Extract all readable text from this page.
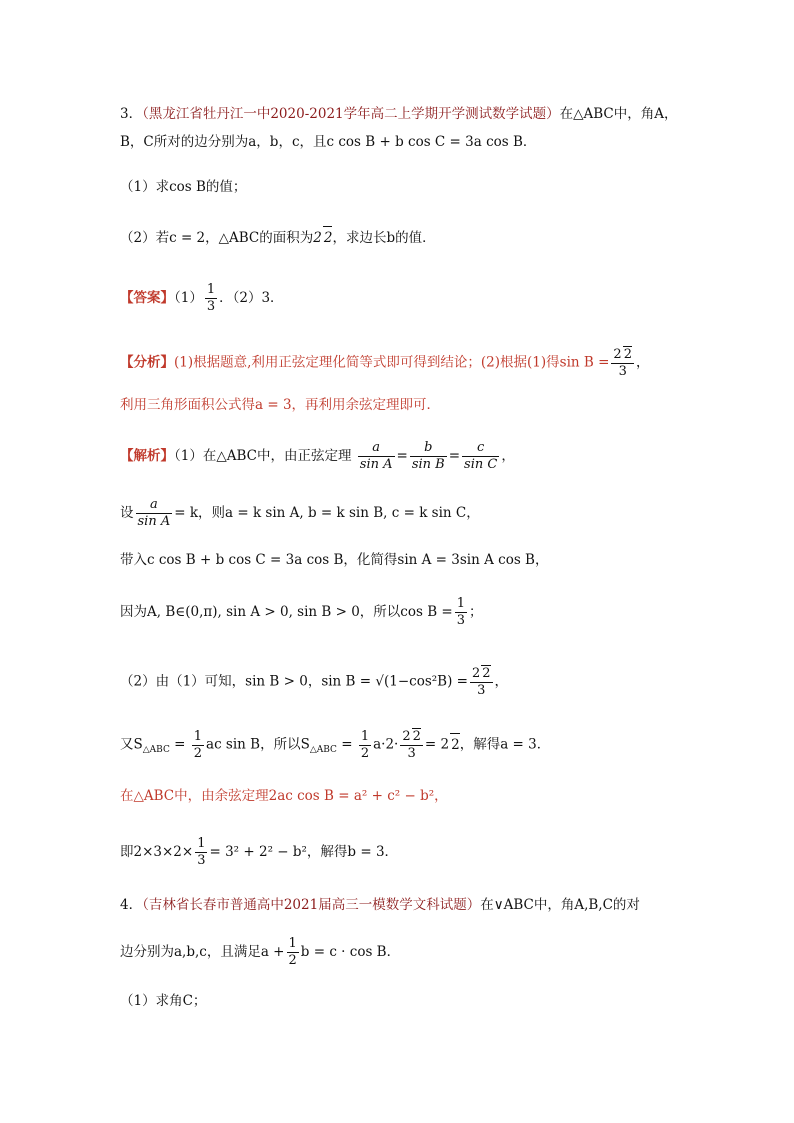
3．（黑龙江省牡丹江一中2020-2021学年高二上学期开学测试数学试题）在△ABC中，角A，
B，C所对的边分别为a，b，c，且c cos B + b cos C = 3a cos B．
（1）求cos B的值；
（2）若c = 2，△ABC的面积为2 2，求边长b的值．
【答案】$(1) \frac{1}{3}$ ．（2）3．
【分析】(1)根据题意,利用正弦定理化简等式即可得到结论；(2)根据(1)得$\sin B = \frac{2 2}{3}$ ，
利用三角形面积公式得a = 3，再利用余弦定理即可．
【解析】（1）在△ABC中，由正弦定理 $\frac{a}{\text{sin A}} = \frac{b}{\text{sin B}} = \frac{c}{\text{sin C}}$ ，
设 $\frac{a}{\text{sin A}} = k$，则a = k sin A, b = k sin B, c = k sin C，
带入c cos B + b cos C = 3a cos B，化简得sin A = 3sin A cos B，
因为A, B∈(0,π), sin A > 0, sin B > 0，所以$\cos B = \frac{1}{3}$ ；
（2）由（1）可知，sin B > 0，$\sin B = √(1-\cos^2B) = \frac{2 2}{3}$ ，
又$S_{\triangle ABC} = \frac{1}{2}$ ac sin B，所以$S_{\triangle ABC} = \frac{1}{2} a\cdot 2\cdot \frac{2 2}{3} = 2$ 2，解得a = 3．
在△ABC中，由余弦定理2ac cos B = a² + c² − b²，
即$2\times 3\times 2\times \frac{1}{3} = 3^2 + 2^2 - b^2$，解得b = 3．
4．（吉林省长春市普通高中2021届高三一模数学文科试题）在∨ABC中，角A,B,C的对
边分别为a,b,c，且满足$a + \frac{1}{2}$ b = c · cos B．
（1）求角C；
